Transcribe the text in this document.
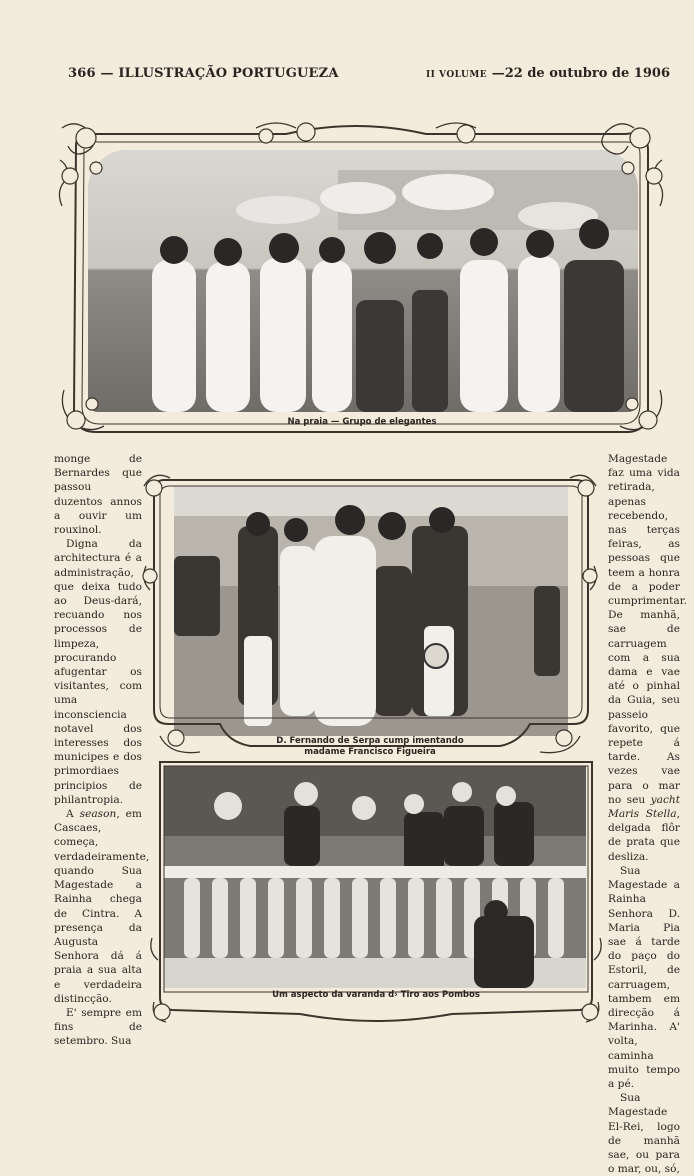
366 — ILLUSTRAÇÃO PORTUGUEZA	II VOLUME —22 de outubro de 1906
Na praia — Grupo de elegantes

monge de Bernardes que passou duzentos annos a ouvir um rouxinol.

Digna da architectura é a administração, que deixa tudo ao Deus-dará, recuando nos processos de limpeza, procurando afugentar os visitantes, com uma inconsciencia notavel dos interesses dos municipes e dos primordiaes principios de philantropia.

A season, em Cascaes, começa, verdadeiramente, quando Sua Magestade a Rainha chega de Cintra. A presença da Augusta Senhora dá á praia a sua alta e verdadeira distincção.

E' sempre em fins de setembro. Sua

D. Fernando de Serpa cump imentando
madame Francisco Figueira

Magestade faz uma vida retirada, apenas recebendo, nas terças feiras, as pessoas que teem a honra de a poder cumprimentar. De manhã, sae de carruagem com a sua dama e vae até o pinhal da Guia, seu passeio favorito, que repete á tarde. As vezes vae para o mar no seu yacht Maris Stella, delgada flôr de prata que desliza.

Sua Magestade a Rainha Senhora D. Maria Pia sae á tarde do paço do Estoril, de carruagem, tambem em direcção á Marinha. A' volta, caminha muito tempo a pé.

Sua Magestade El-Rei, logo de manhã sae, ou para o mar, ou, só,

Um aspecto da varanda d› Tiro aos Pombos
